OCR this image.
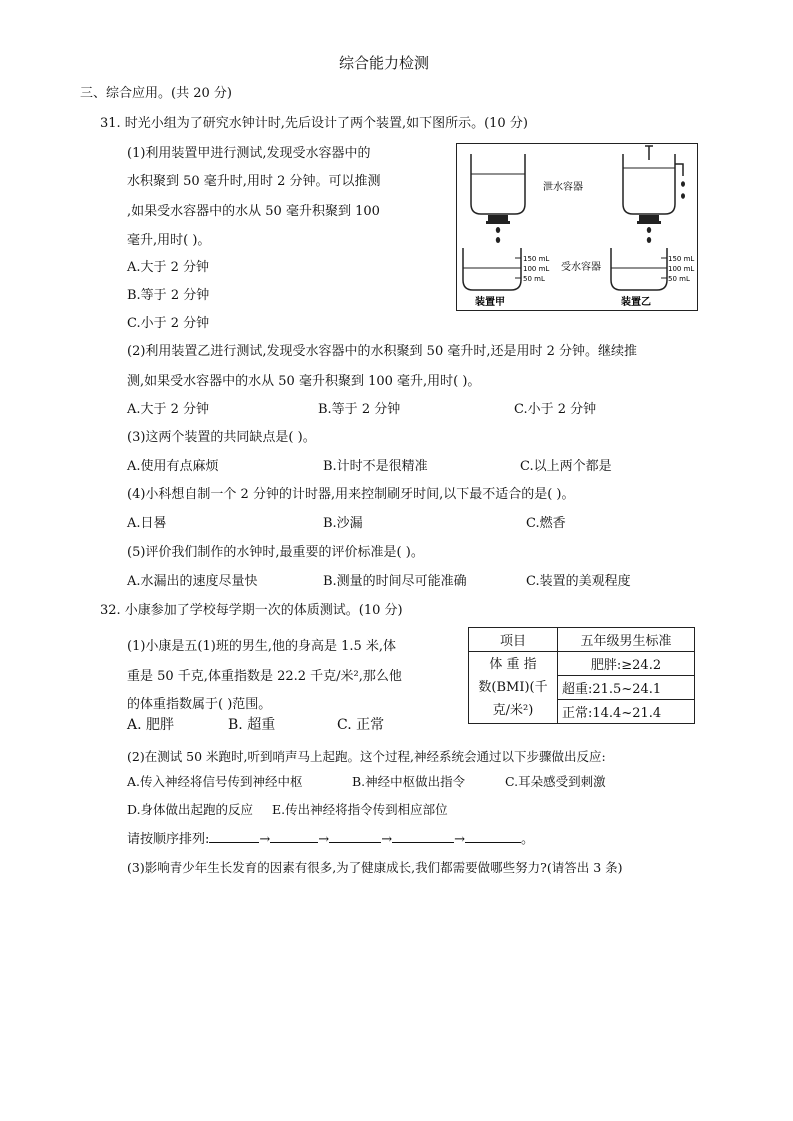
综合能力检测
三、综合应用。(共 20 分)
31. 时光小组为了研究水钟计时,先后设计了两个装置,如下图所示。(10 分)
(1)利用装置甲进行测试,发现受水容器中的
水积聚到 50 毫升时,用时 2 分钟。可以推测
,如果受水容器中的水从 50 毫升积聚到 100
毫升,用时( )。
A.大于 2 分钟
B.等于 2 分钟
C.小于 2 分钟
150 mL
100 mL
50 mL
150 mL
100 mL
50 mL
泄水容器
受水容器
装置甲	装置乙
(2)利用装置乙进行测试,发现受水容器中的水积聚到 50 毫升时,还是用时 2 分钟。继续推
测,如果受水容器中的水从 50 毫升积聚到 100 毫升,用时( )。
A.大于 2 分钟	B.等于 2 分钟	C.小于 2 分钟
(3)这两个装置的共同缺点是( )。
A.使用有点麻烦	B.计时不是很精准	C.以上两个都是
(4)小科想自制一个 2 分钟的计时器,用来控制刷牙时间,以下最不适合的是( )。
A.日晷	B.沙漏	C.燃香
(5)评价我们制作的水钟时,最重要的评价标准是( )。
A.水漏出的速度尽量快	B.测量的时间尽可能准确	C.装置的美观程度
32. 小康参加了学校每学期一次的体质测试。(10 分)
(1)小康是五(1)班的男生,他的身高是 1.5 米,体
重是 50 千克,体重指数是 22.2 千克/米²,那么他
的体重指数属于( )范围。
A. 肥胖	B. 超重	C. 正常
项目	五年级男生标准

体 重 指
数(BMI)(千
克/米²)	肥胖:≥24.2
	超重:21.5~24.1
	正常:14.4~21.4
(2)在测试 50 米跑时,听到哨声马上起跑。这个过程,神经系统会通过以下步骤做出反应:
A.传入神经将信号传到神经中枢	B.神经中枢做出指令	C.耳朵感受到刺激
D.身体做出起跑的反应 E.传出神经将指令传到相应部位
请按顺序排列:	→	→	→	→	。
(3)影响青少年生长发育的因素有很多,为了健康成长,我们都需要做哪些努力?(请答出 3 条)
